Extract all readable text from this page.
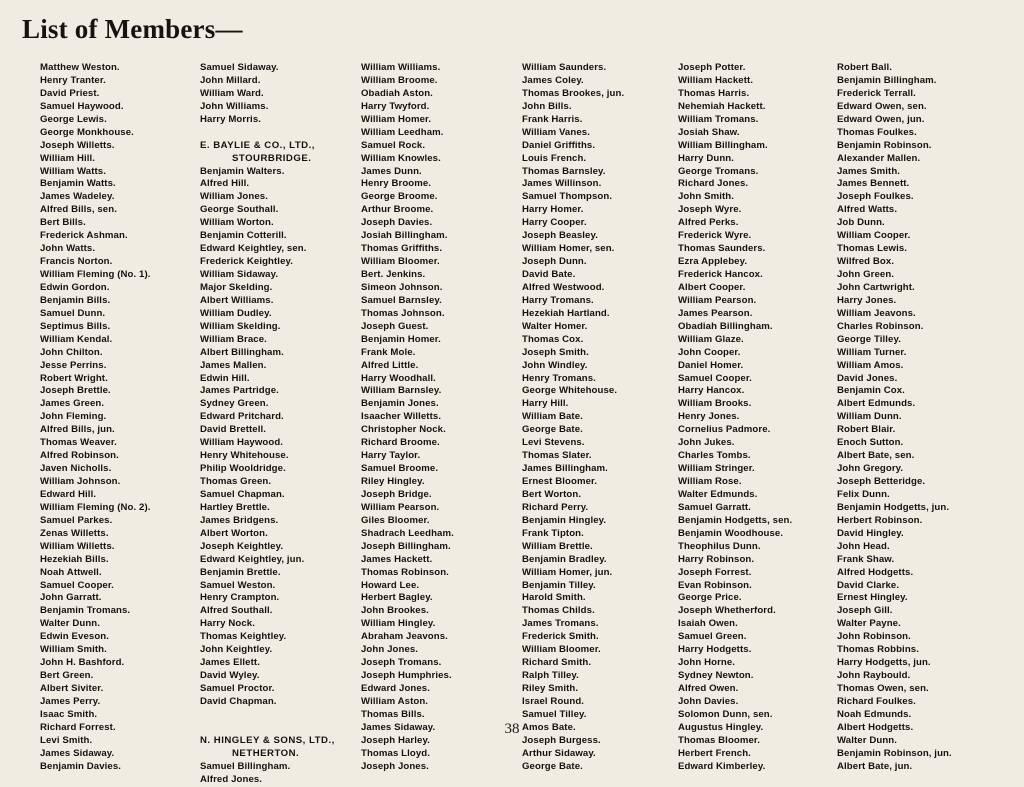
List of Members—
Matthew Weston.
Henry Tranter.
David Priest.
Samuel Haywood.
George Lewis.
George Monkhouse.
Joseph Willetts.
William Hill.
William Watts.
Benjamin Watts.
James Wadeley.
Alfred Bills, sen.
Bert Bills.
Frederick Ashman.
John Watts.
Francis Norton.
William Fleming (No. 1).
Edwin Gordon.
Benjamin Bills.
Samuel Dunn.
Septimus Bills.
William Kendal.
John Chilton.
Jesse Perrins.
Robert Wright.
Joseph Brettle.
James Green.
John Fleming.
Alfred Bills, jun.
Thomas Weaver.
Alfred Robinson.
Javen Nicholls.
William Johnson.
Edward Hill.
William Fleming (No. 2).
Samuel Parkes.
Zenas Willetts.
William Willetts.
Hezekiah Bills.
Noah Attwell.
Samuel Cooper.
John Garratt.
Benjamin Tromans.
Walter Dunn.
Edwin Eveson.
William Smith.
John H. Bashford.
Bert Green.
Albert Siviter.
James Perry.
Isaac Smith.
Richard Forrest.
Levi Smith.
James Sidaway.
Benjamin Davies.
Samuel Sidaway.
John Millard.
William Ward.
John Williams.
Harry Morris.
E. BAYLIE & CO., LTD.,
STOURBRIDGE.
Benjamin Walters.
Alfred Hill.
William Jones.
George Southall.
William Worton.
Benjamin Cotterill.
Edward Keightley, sen.
Frederick Keightley.
William Sidaway.
Major Skelding.
Albert Williams.
William Dudley.
William Skelding.
William Brace.
Albert Billingham.
James Mallen.
Edwin Hill.
James Partridge.
Sydney Green.
Edward Pritchard.
David Brettell.
William Haywood.
Henry Whitehouse.
Philip Wooldridge.
Thomas Green.
Samuel Chapman.
Hartley Brettle.
James Bridgens.
Albert Worton.
Joseph Keightley.
Edward Keightley, jun.
Benjamin Brettle.
Samuel Weston.
Henry Crampton.
Alfred Southall.
Harry Nock.
Thomas Keightley.
John Keightley.
James Ellett.
David Wyley.
Samuel Proctor.
David Chapman.
N. HINGLEY & SONS, LTD.,
NETHERTON.
Samuel Billingham.
Alfred Jones.
William Williams.
William Broome.
Obadiah Aston.
Harry Twyford.
William Homer.
William Leedham.
Samuel Rock.
William Knowles.
James Dunn.
Henry Broome.
George Broome.
Arthur Broome.
Joseph Davies.
Josiah Billingham.
Thomas Griffiths.
William Bloomer.
Bert. Jenkins.
Simeon Johnson.
Samuel Barnsley.
Thomas Johnson.
Joseph Guest.
Benjamin Homer.
Frank Mole.
Alfred Little.
Harry Woodhall.
William Barnsley.
Benjamin Jones.
Isaacher Willetts.
Christopher Nock.
Richard Broome.
Harry Taylor.
Samuel Broome.
Riley Hingley.
Joseph Bridge.
William Pearson.
Giles Bloomer.
Shadrach Leedham.
Joseph Billingham.
James Hackett.
Thomas Robinson.
Howard Lee.
Herbert Bagley.
John Brookes.
William Hingley.
Abraham Jeavons.
John Jones.
Joseph Tromans.
Joseph Humphries.
Edward Jones.
William Aston.
Thomas Bills.
James Sidaway.
Joseph Harley.
Thomas Lloyd.
Joseph Jones.
William Saunders.
James Coley.
Thomas Brookes, jun.
John Bills.
Frank Harris.
William Vanes.
Daniel Griffiths.
Louis French.
Thomas Barnsley.
James Willinson.
Samuel Thompson.
Harry Homer.
Harry Cooper.
Joseph Beasley.
William Homer, sen.
Joseph Dunn.
David Bate.
Alfred Westwood.
Harry Tromans.
Hezekiah Hartland.
Walter Homer.
Thomas Cox.
Joseph Smith.
John Windley.
Henry Tromans.
George Whitehouse.
Harry Hill.
William Bate.
George Bate.
Levi Stevens.
Thomas Slater.
James Billingham.
Ernest Bloomer.
Bert Worton.
Richard Perry.
Benjamin Hingley.
Frank Tipton.
William Brettle.
Benjamin Bradley.
William Homer, jun.
Benjamin Tilley.
Harold Smith.
Thomas Childs.
James Tromans.
Frederick Smith.
William Bloomer.
Richard Smith.
Ralph Tilley.
Riley Smith.
Israel Round.
Samuel Tilley.
Amos Bate.
Joseph Burgess.
Arthur Sidaway.
George Bate.
Joseph Potter.
William Hackett.
Thomas Harris.
Nehemiah Hackett.
William Tromans.
Josiah Shaw.
William Billingham.
Harry Dunn.
George Tromans.
Richard Jones.
John Smith.
Joseph Wyre.
Alfred Perks.
Frederick Wyre.
Thomas Saunders.
Ezra Applebey.
Frederick Hancox.
Albert Cooper.
William Pearson.
James Pearson.
Obadiah Billingham.
William Glaze.
John Cooper.
Daniel Homer.
Samuel Cooper.
Harry Hancox.
William Brooks.
Henry Jones.
Cornelius Padmore.
John Jukes.
Charles Tombs.
William Stringer.
William Rose.
Walter Edmunds.
Samuel Garratt.
Benjamin Hodgetts, sen.
Benjamin Woodhouse.
Theophilus Dunn.
Harry Robinson.
Joseph Forrest.
Evan Robinson.
George Price.
Joseph Whetherford.
Isaiah Owen.
Samuel Green.
Harry Hodgetts.
John Horne.
Sydney Newton.
Alfred Owen.
John Davies.
Solomon Dunn, sen.
Augustus Hingley.
Thomas Bloomer.
Herbert French.
Edward Kimberley.
Robert Ball.
Benjamin Billingham.
Frederick Terrall.
Edward Owen, sen.
Edward Owen, jun.
Thomas Foulkes.
Benjamin Robinson.
Alexander Mallen.
James Smith.
James Bennett.
Joseph Foulkes.
Alfred Watts.
Job Dunn.
William Cooper.
Thomas Lewis.
Wilfred Box.
John Green.
John Cartwright.
Harry Jones.
William Jeavons.
Charles Robinson.
George Tilley.
William Turner.
William Amos.
David Jones.
Benjamin Cox.
Albert Edmunds.
William Dunn.
Robert Blair.
Enoch Sutton.
Albert Bate, sen.
John Gregory.
Joseph Betteridge.
Felix Dunn.
Benjamin Hodgetts, jun.
Herbert Robinson.
David Hingley.
John Head.
Frank Shaw.
Alfred Hodgetts.
David Clarke.
Ernest Hingley.
Joseph Gill.
Walter Payne.
John Robinson.
Thomas Robbins.
Harry Hodgetts, jun.
John Raybould.
Thomas Owen, sen.
Richard Foulkes.
Noah Edmunds.
Albert Hodgetts.
Walter Dunn.
Benjamin Robinson, jun.
Albert Bate, jun.
38
